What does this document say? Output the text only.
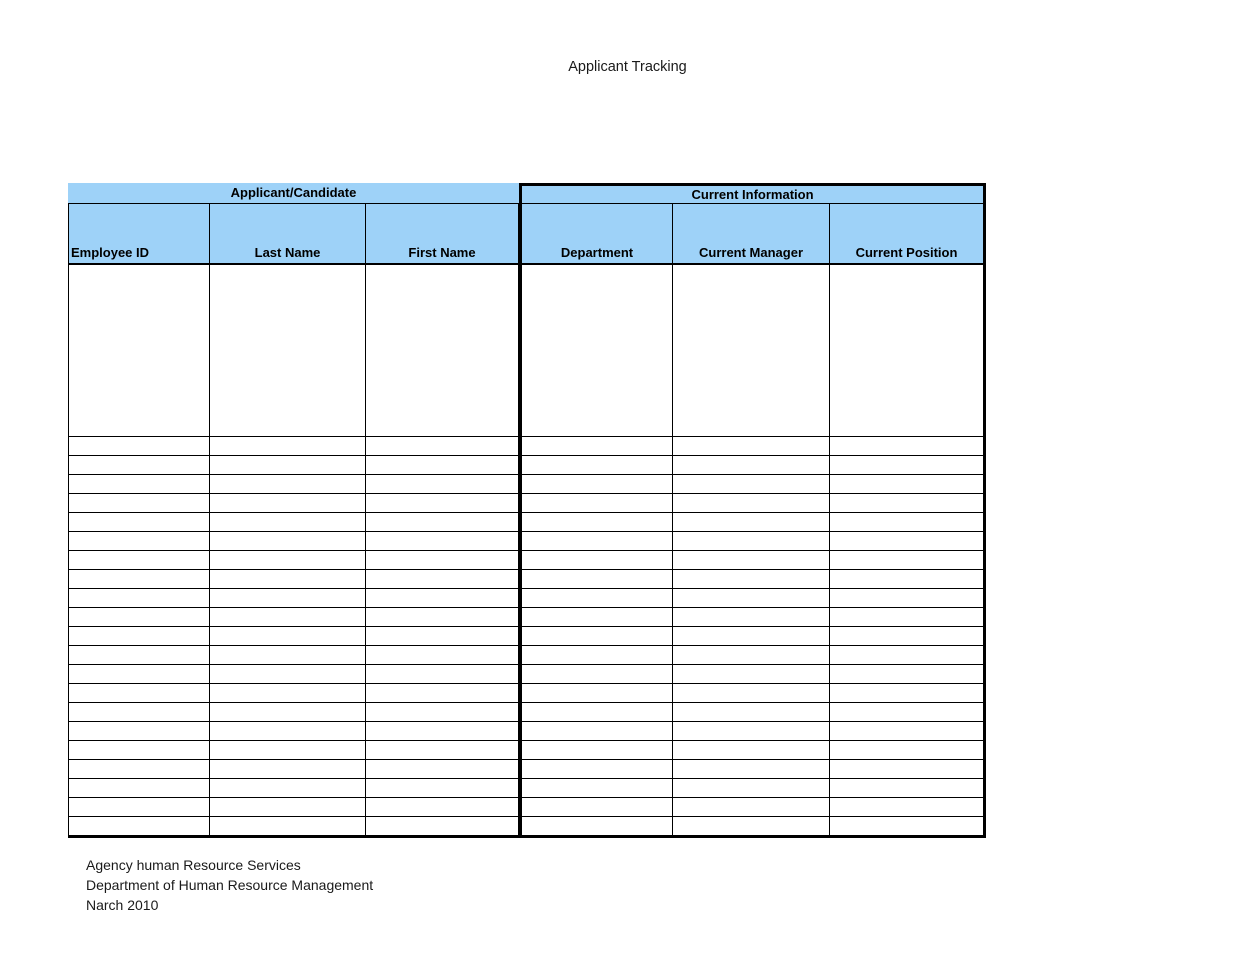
Applicant Tracking
Applicant/Candidate			Current Information		
Employee ID	Last Name	First Name	Department	Current Manager	Current Position

Agency human Resource Services
Department of Human Resource Management
Narch 2010
